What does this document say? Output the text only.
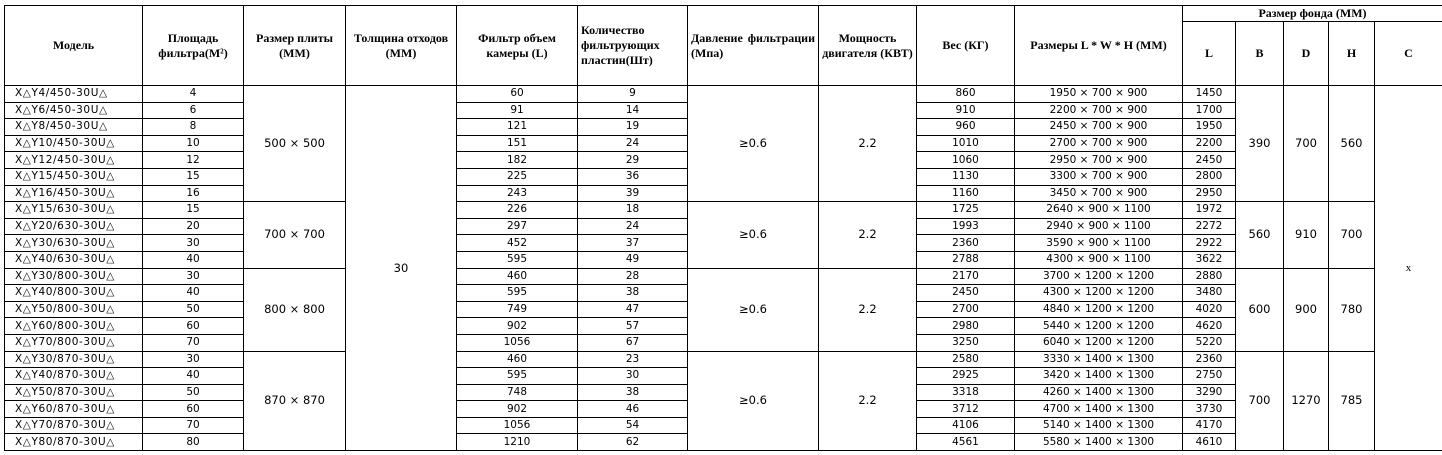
Модель	Площадь фильтра(М²)	Размер плиты (ММ)	Толщина отходов (ММ)	Фильтр объем камеры (L)	Количество фильтрующих пластин(Шт)	Давление фильтрации (Мпа)	Мощность двигателя (КВТ)	Вес (КГ)	Размеры L * W * H (ММ)	Размер фонда (ММ)				
										L	B	D	H	C
X△Y4/450-30U△	4	500 × 500	30	60	9	≥0.6	2.2	860	1950 × 700 × 900	1450	390	700	560	x
X△Y6/450-30U△	6			91	14			910	2200 × 700 × 900	1700				
X△Y8/450-30U△	8			121	19			960	2450 × 700 × 900	1950				
X△Y10/450-30U△	10			151	24			1010	2700 × 700 × 900	2200				
X△Y12/450-30U△	12			182	29			1060	2950 × 700 × 900	2450				
X△Y15/450-30U△	15			225	36			1130	3300 × 700 × 900	2800				
X△Y16/450-30U△	16			243	39			1160	3450 × 700 × 900	2950				
X△Y15/630-30U△	15	700 × 700		226	18	≥0.6	2.2	1725	2640 × 900 × 1100	1972	560	910	700	
X△Y20/630-30U△	20			297	24			1993	2940 × 900 × 1100	2272				
X△Y30/630-30U△	30			452	37			2360	3590 × 900 × 1100	2922				
X△Y40/630-30U△	40			595	49			2788	4300 × 900 × 1100	3622				
X△Y30/800-30U△	30	800 × 800		460	28	≥0.6	2.2	2170	3700 × 1200 × 1200	2880	600	900	780	
X△Y40/800-30U△	40			595	38			2450	4300 × 1200 × 1200	3480				
X△Y50/800-30U△	50			749	47			2700	4840 × 1200 × 1200	4020				
X△Y60/800-30U△	60			902	57			2980	5440 × 1200 × 1200	4620				
X△Y70/800-30U△	70			1056	67			3250	6040 × 1200 × 1200	5220				
X△Y30/870-30U△	30	870 × 870		460	23	≥0.6	2.2	2580	3330 × 1400 × 1300	2360	700	1270	785	
X△Y40/870-30U△	40			595	30			2925	3420 × 1400 × 1300	2750				
X△Y50/870-30U△	50			748	38			3318	4260 × 1400 × 1300	3290				
X△Y60/870-30U△	60			902	46			3712	4700 × 1400 × 1300	3730				
X△Y70/870-30U△	70			1056	54			4106	5140 × 1400 × 1300	4170				
X△Y80/870-30U△	80			1210	62			4561	5580 × 1400 × 1300	4610				
